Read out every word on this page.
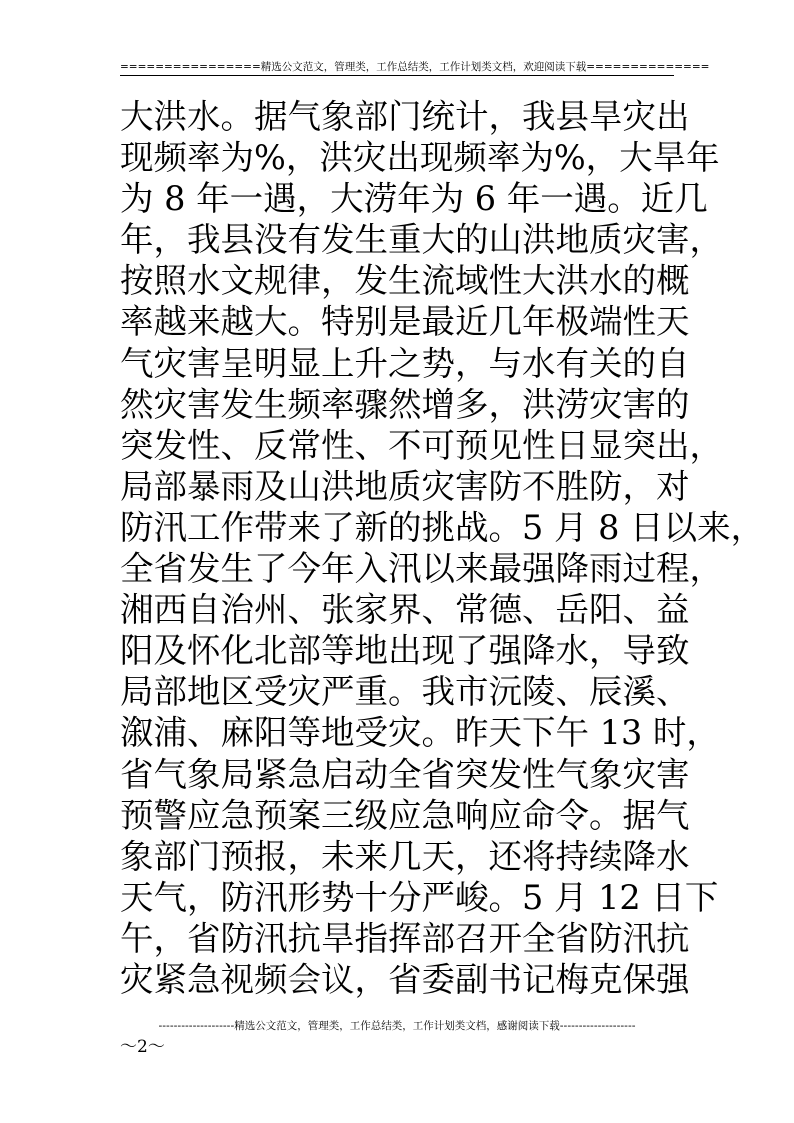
================精选公文范文，管理类，工作总结类，工作计划类文档，欢迎阅读下载==============
大洪水。据气象部门统计，我县旱灾出
现频率为%，洪灾出现频率为%，大旱年
为 8 年一遇，大涝年为 6 年一遇。近几
年，我县没有发生重大的山洪地质灾害，
按照水文规律，发生流域性大洪水的概
率越来越大。特别是最近几年极端性天
气灾害呈明显上升之势，与水有关的自
然灾害发生频率骤然增多，洪涝灾害的
突发性、反常性、不可预见性日显突出，
局部暴雨及山洪地质灾害防不胜防，对
防汛工作带来了新的挑战。5 月 8 日以来，
全省发生了今年入汛以来最强降雨过程，
湘西自治州、张家界、常德、岳阳、益
阳及怀化北部等地出现了强降水，导致
局部地区受灾严重。我市沅陵、辰溪、
溆浦、麻阳等地受灾。昨天下午 13 时，
省气象局紧急启动全省突发性气象灾害
预警应急预案三级应急响应命令。据气
象部门预报，未来几天，还将持续降水
天气，防汛形势十分严峻。5 月 12 日下
午，省防汛抗旱指挥部召开全省防汛抗
灾紧急视频会议，省委副书记梅克保强
--------------------精选公文范文，管理类，工作总结类，工作计划类文档，感谢阅读下载--------------------
～2～
